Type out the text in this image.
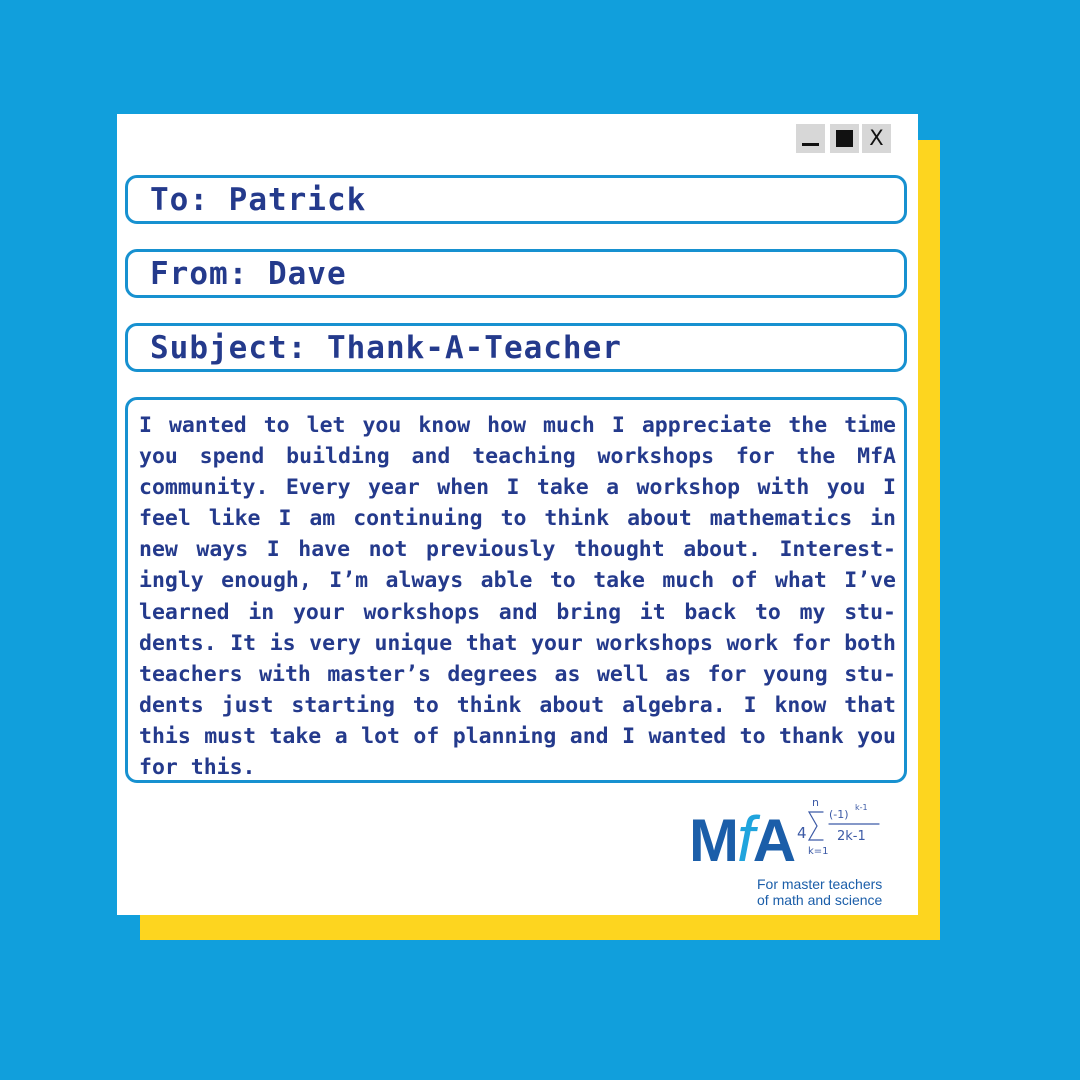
X
To: Patrick
From: Dave
Subject: Thank-A-Teacher
I wanted to let you know how much I appreciate the time you spend building and teaching workshops for the MfA community. Every year when I take a workshop with you I feel like I am continuing to think about mathematics in new ways I have not previously thought about. Interest-ingly enough, I’m always able to take much of what I’ve learned in your workshops and bring it back to my stu-dents. It is very unique that your workshops work for both teachers with master’s degrees as well as for young stu-dents just starting to think about algebra. I know that this must take a lot of planning and I wanted to thank you for this.
4
n
k=1
(-1)
k-1
2k-1
MfA
For master teachers
of math and science
